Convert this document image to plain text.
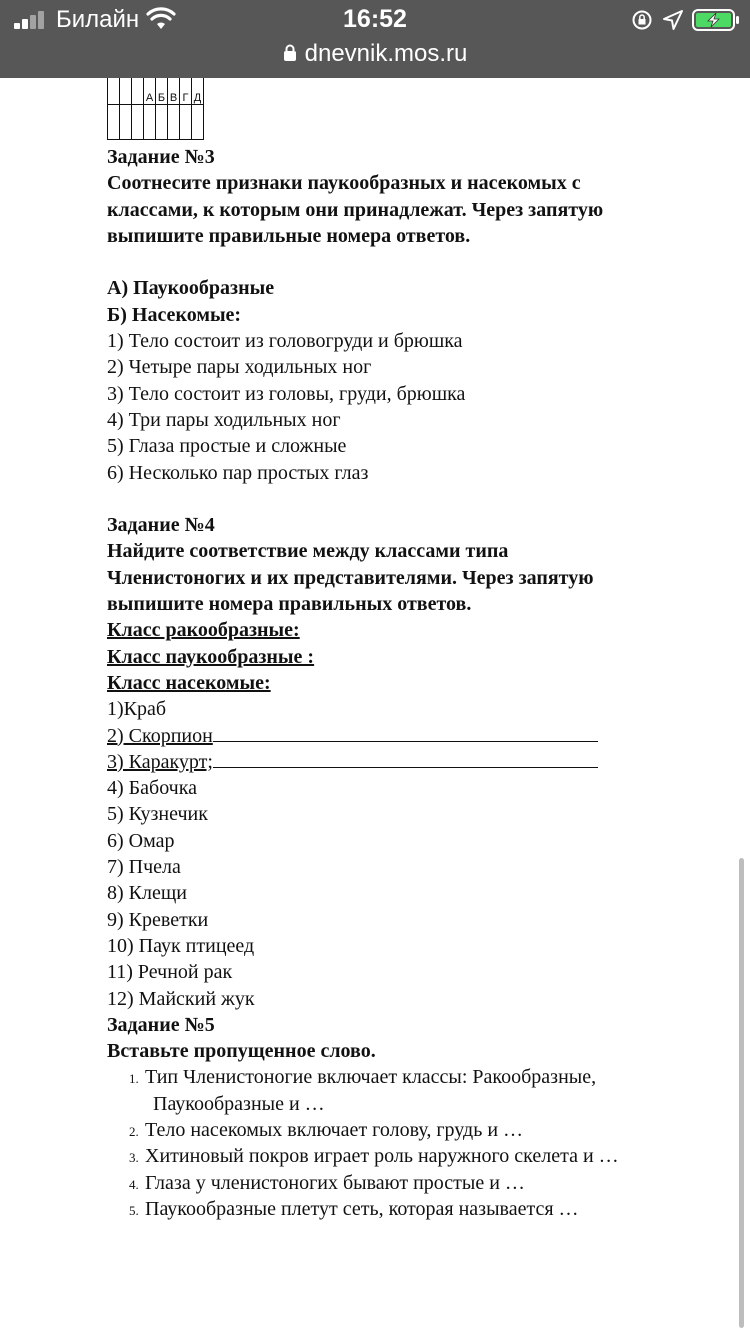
Билайн	16:52
dnevnik.mos.ru
			А	Б	В	Г	Д

Задание №3
Соотнесите признаки паукообразных и насекомых с
классами, к которым они принадлежат. Через запятую
выпишите правильные номера ответов.
А) Паукообразные
Б) Насекомые:
1) Тело состоит из головогруди и брюшка
2) Четыре пары ходильных ног
3) Тело состоит из головы, груди, брюшка
4) Три пары ходильных ног
5) Глаза простые и сложные
6) Несколько пар простых глаз
Задание №4
Найдите соответствие между классами типа
Членистоногих и их представителями. Через запятую
выпишите номера правильных ответов.
Класс ракообразные:
Класс паукообразные :
Класс насекомые:
1)Краб
2) Скорпион
3) Каракурт;
4) Бабочка
5) Кузнечик
6) Омар
7) Пчела
8) Клещи
9) Креветки
10) Паук птицеед
11) Речной рак
12) Майский жук
Задание №5
Вставьте пропущенное слово.
1. Тип Членистоногие включает классы: Ракообразные,
Паукообразные и …
2. Тело насекомых включает голову, грудь и …
3. Хитиновый покров играет роль наружного скелета и …
4. Глаза у членистоногих бывают простые и …
5. Паукообразные плетут сеть, которая называется …
